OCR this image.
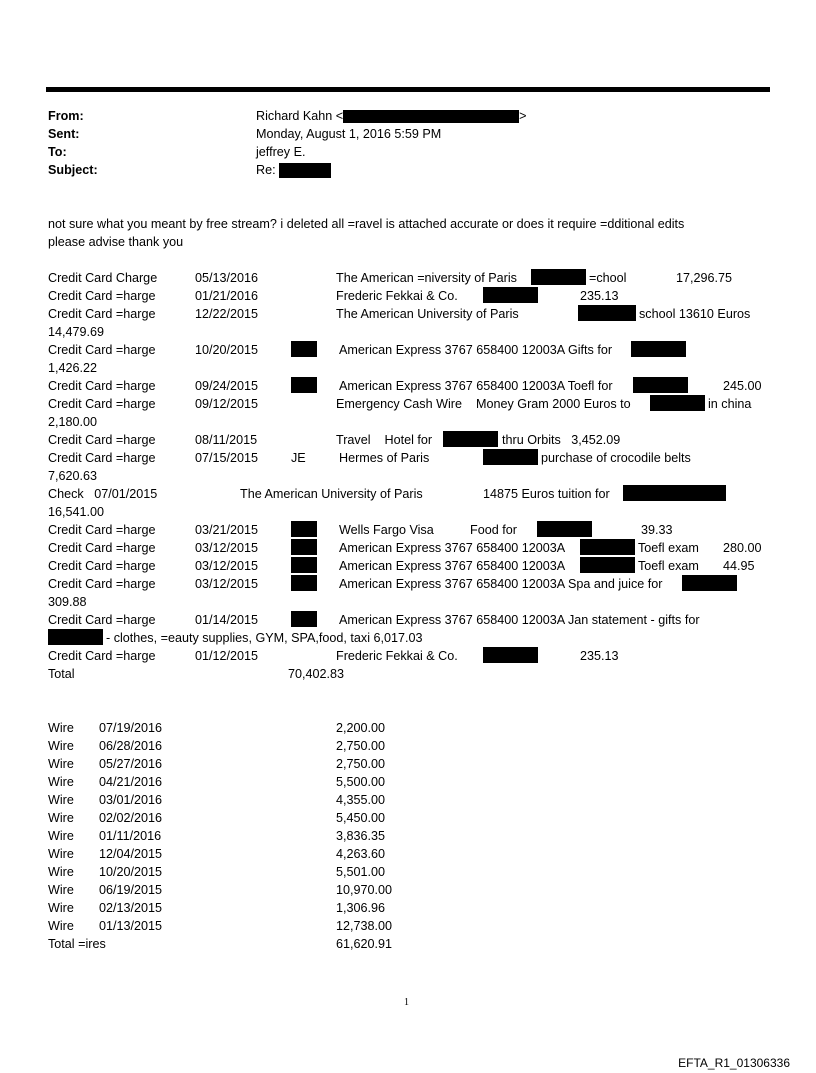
From:	Richard Kahn <	>
Sent:	Monday, August 1, 2016 5:59 PM
To:	jeffrey E.
Subject:	Re:
not sure what you meant by free stream? i deleted all =ravel is attached accurate or does it require =dditional edits
please advise thank you
Credit Card Charge	05/13/2016	The American =niversity of Paris	=chool	17,296.75
Credit Card =harge	01/21/2016	Frederic Fekkai & Co.	235.13
Credit Card =harge	12/22/2015	The American University of Paris	school 13610 Euros
14,479.69
Credit Card =harge	10/20/2015	American Express 3767 658400 12003A Gifts for
1,426.22
Credit Card =harge	09/24/2015	American Express 3767 658400 12003A Toefl for	245.00
Credit Card =harge	09/12/2015	Emergency Cash Wire    Money Gram 2000 Euros to	in china
2,180.00
Credit Card =harge	08/11/2015	Travel    Hotel for	thru Orbits   3,452.09
Credit Card =harge	07/15/2015	JE	Hermes of Paris	purchase of crocodile belts
7,620.63
Check   07/01/2015	The American University of Paris	14875 Euros tuition for
16,541.00
Credit Card =harge	03/21/2015	Wells Fargo Visa	Food for	39.33
Credit Card =harge	03/12/2015	American Express 3767 658400 12003A	Toefl exam 280.00
Credit Card =harge	03/12/2015	American Express 3767 658400 12003A	Toefl exam 44.95
Credit Card =harge	03/12/2015	American Express 3767 658400 12003A Spa and juice for
309.88
Credit Card =harge	01/14/2015	American Express 3767 658400 12003A Jan statement - gifts for
- clothes, =eauty supplies, GYM, SPA,food, taxi 6,017.03
Credit Card =harge	01/12/2015	Frederic Fekkai & Co.	235.13
Total	70,402.83
Wire 07/19/2016	2,200.00
Wire 06/28/2016	2,750.00
Wire 05/27/2016	2,750.00
Wire 04/21/2016	5,500.00
Wire 03/01/2016	4,355.00
Wire 02/02/2016	5,450.00
Wire 01/11/2016	3,836.35
Wire 12/04/2015	4,263.60
Wire 10/20/2015	5,501.00
Wire 06/19/2015	10,970.00
Wire 02/13/2015	1,306.96
Wire 01/13/2015	12,738.00
Total =ires	61,620.91
1
EFTA_R1_01306336
